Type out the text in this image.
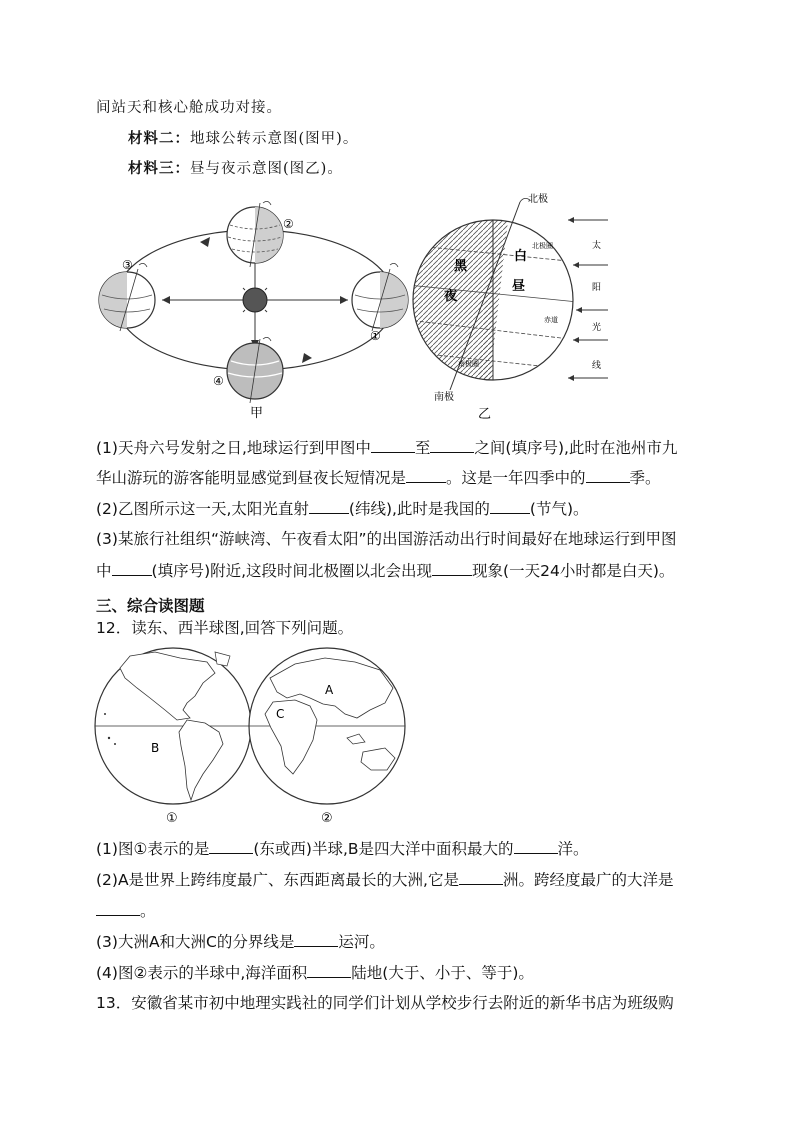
间站天和核心舱成功对接。
材料二：地球公转示意图(图甲)。
材料三：昼与夜示意图(图乙)。
②
③
①
④
甲
北极
南极
北极圈
赤道
南极圈
黑
夜
白
昼
太
阳
光
线
乙
(1)天舟六号发射之日,地球运行到甲图中	至	之间(填序号),此时在池州市九
华山游玩的游客能明显感觉到昼夜长短情况是	。这是一年四季中的	季。
(2)乙图所示这一天,太阳光直射	(纬线),此时是我国的	(节气)。
(3)某旅行社组织“游峡湾、午夜看太阳”的出国游活动出行时间最好在地球运行到甲图
中	(填序号)附近,这段时间北极圈以北会出现	现象(一天24小时都是白天)。
三、综合读图题
12．读东、西半球图,回答下列问题。
B
A
C
①	②
(1)图①表示的是	(东或西)半球,B是四大洋中面积最大的	洋。
(2)A是世界上跨纬度最广、东西距离最长的大洲,它是	洲。跨经度最广的大洋是
。
(3)大洲A和大洲C的分界线是	运河。
(4)图②表示的半球中,海洋面积	陆地(大于、小于、等于)。
13．安徽省某市初中地理实践社的同学们计划从学校步行去附近的新华书店为班级购
